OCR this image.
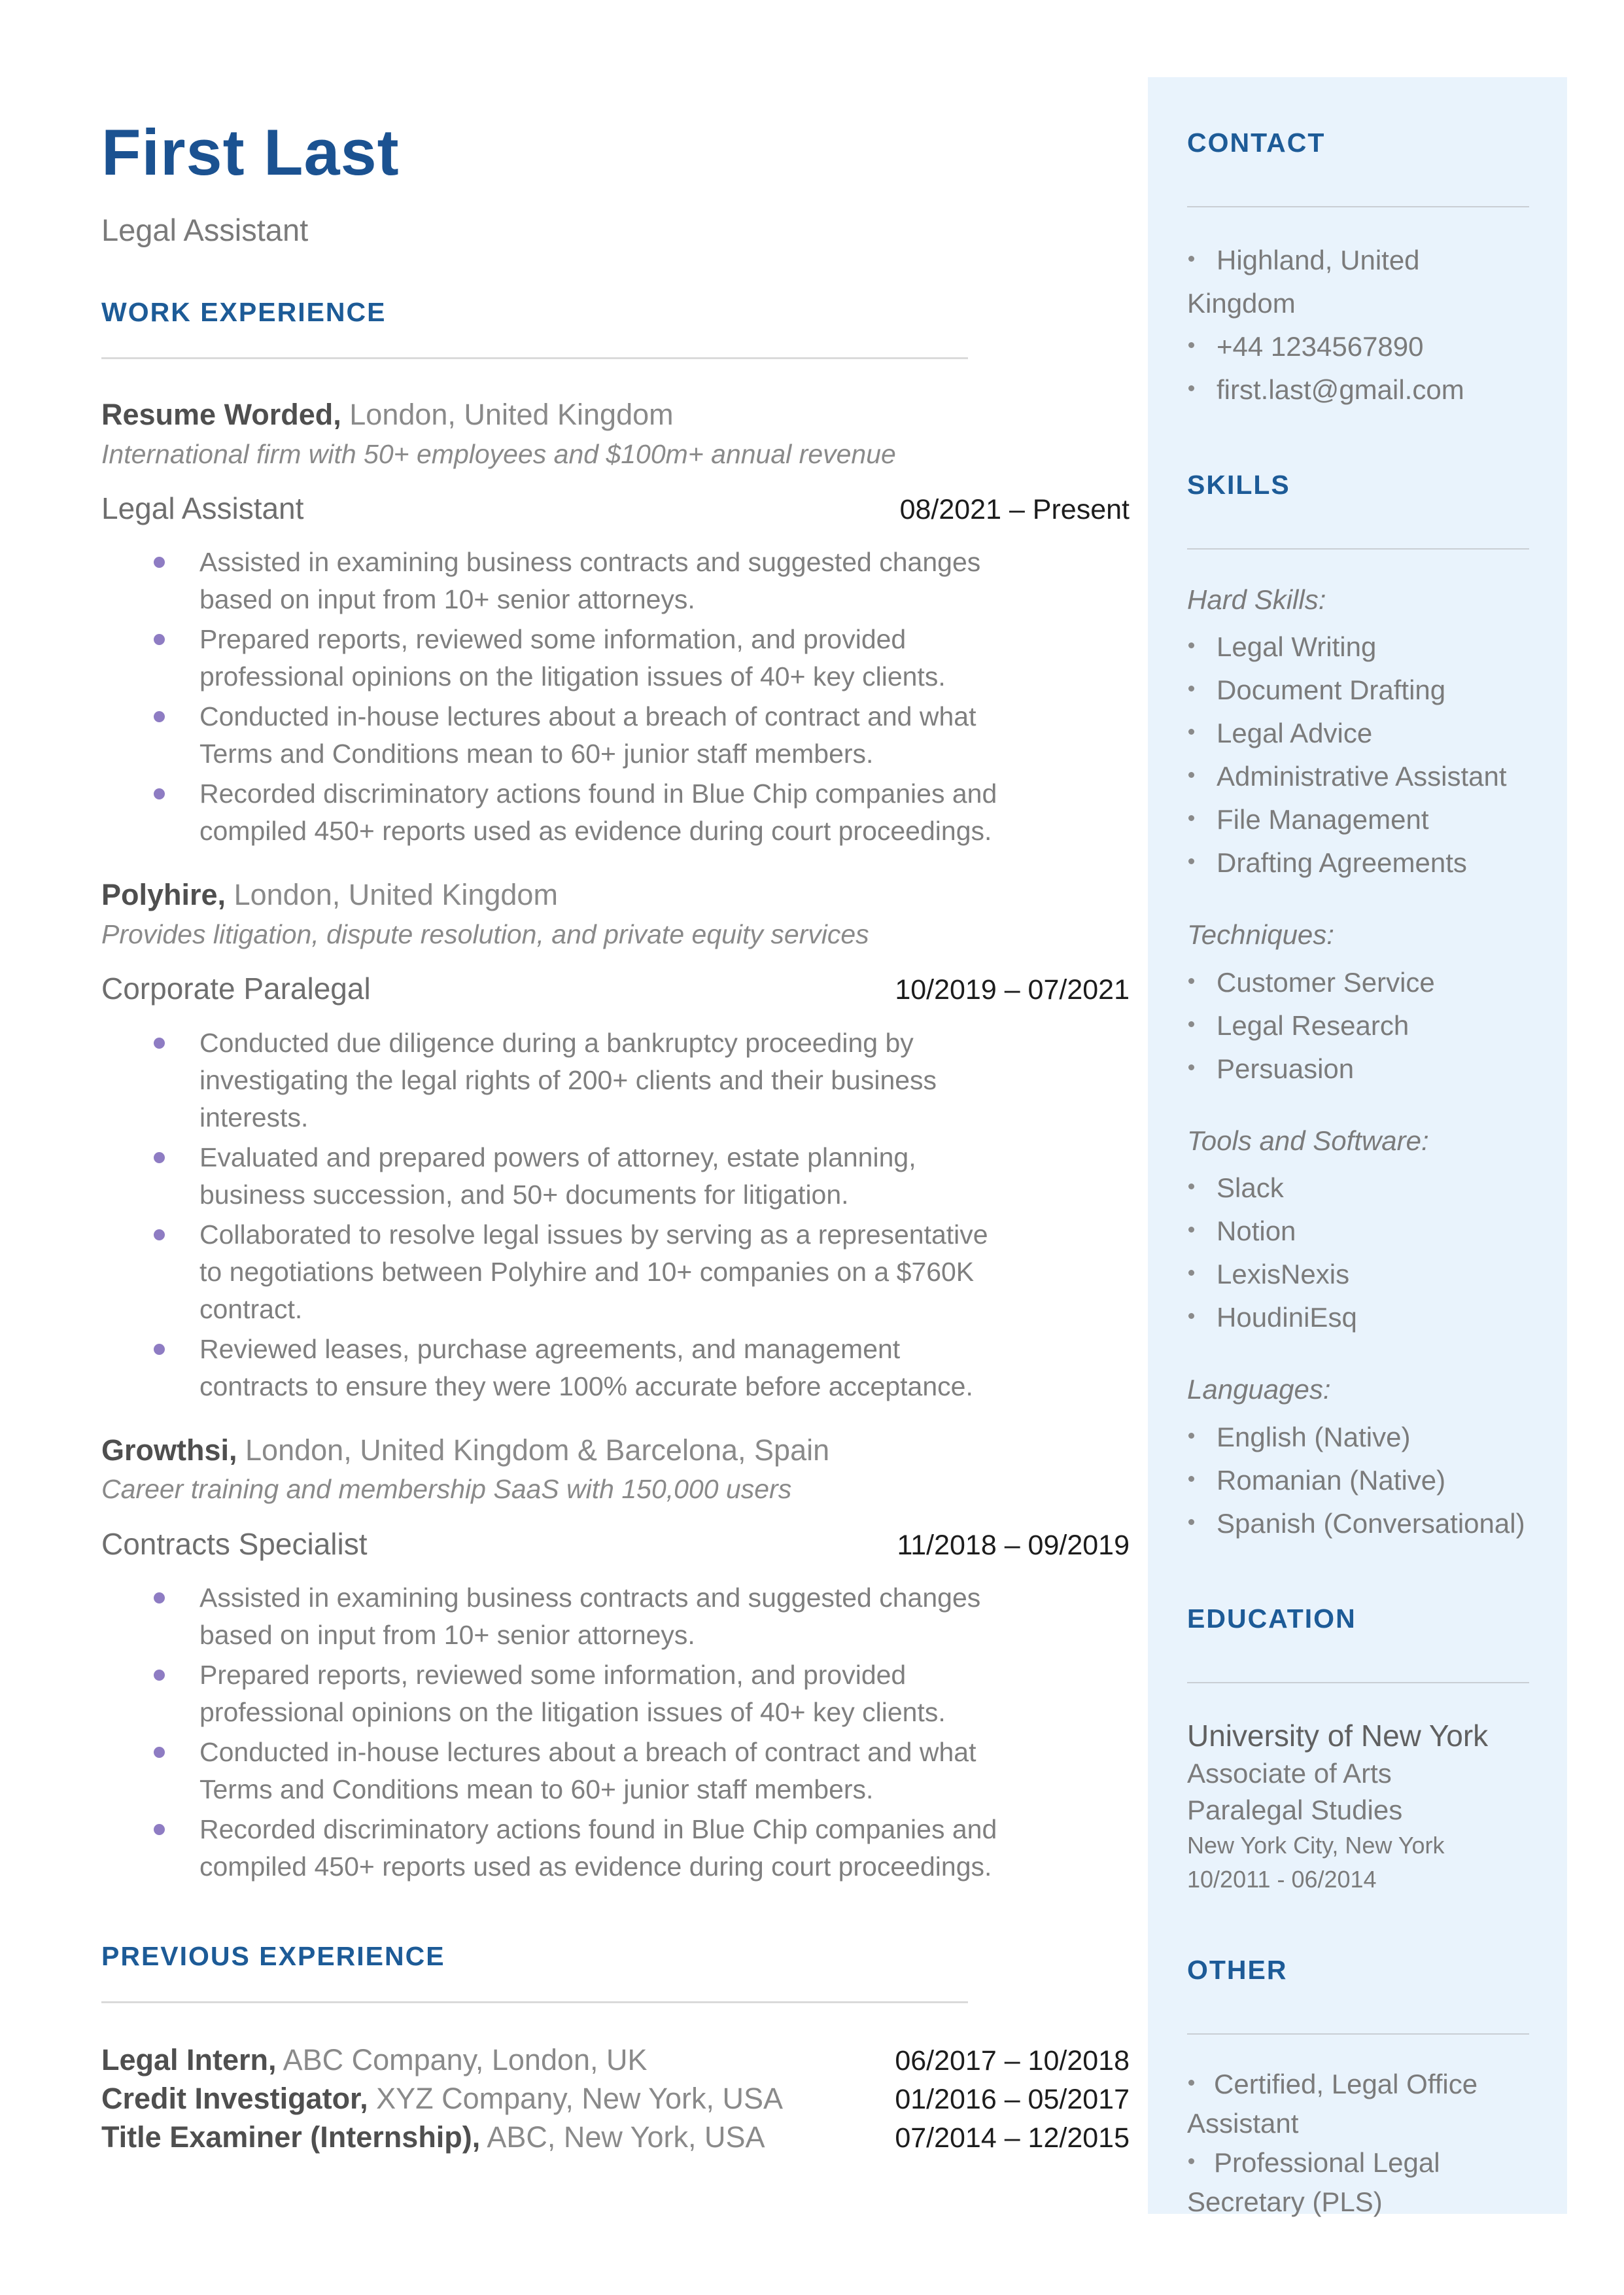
First Last
Legal Assistant
WORK EXPERIENCE
Resume Worded, London, United Kingdom
International firm with 50+ employees and $100m+ annual revenue
Legal Assistant	08/2021 – Present
Assisted in examining business contracts and suggested changes based on input from 10+ senior attorneys.
Prepared reports, reviewed some information, and provided professional opinions on the litigation issues of 40+ key clients.
Conducted in-house lectures about a breach of contract and what Terms and Conditions mean to 60+ junior staff members.
Recorded discriminatory actions found in Blue Chip companies and compiled 450+ reports used as evidence during court proceedings.
Polyhire, London, United Kingdom
Provides litigation, dispute resolution, and private equity services
Corporate Paralegal	10/2019 – 07/2021
Conducted due diligence during a bankruptcy proceeding by investigating the legal rights of 200+ clients and their business interests.
Evaluated and prepared powers of attorney, estate planning, business succession, and 50+ documents for litigation.
Collaborated to resolve legal issues by serving as a representative to negotiations between Polyhire and 10+ companies on a $760K contract.
Reviewed leases, purchase agreements, and management contracts to ensure they were 100% accurate before acceptance.
Growthsi, London, United Kingdom & Barcelona, Spain
Career training and membership SaaS with 150,000 users
Contracts Specialist	11/2018 – 09/2019
Assisted in examining business contracts and suggested changes based on input from 10+ senior attorneys.
Prepared reports, reviewed some information, and provided professional opinions on the litigation issues of 40+ key clients.
Conducted in-house lectures about a breach of contract and what Terms and Conditions mean to 60+ junior staff members.
Recorded discriminatory actions found in Blue Chip companies and compiled 450+ reports used as evidence during court proceedings.
PREVIOUS EXPERIENCE
Legal Intern, ABC Company, London, UK	06/2017 – 10/2018
Credit Investigator, XYZ Company, New York, USA	01/2016 – 05/2017
Title Examiner (Internship), ABC, New York, USA	07/2014 – 12/2015
CONTACT
Highland, United Kingdom
+44 1234567890
first.last@gmail.com
SKILLS
Hard Skills:
Legal Writing
Document Drafting
Legal Advice
Administrative Assistant
File Management
Drafting Agreements
Techniques:
Customer Service
Legal Research
Persuasion
Tools and Software:
Slack
Notion
LexisNexis
HoudiniEsq
Languages:
English (Native)
Romanian (Native)
Spanish (Conversational)
EDUCATION
University of New York
Associate of Arts
Paralegal Studies
New York City, New York
10/2011 - 06/2014
OTHER
Certified, Legal Office Assistant
Professional Legal Secretary (PLS)
